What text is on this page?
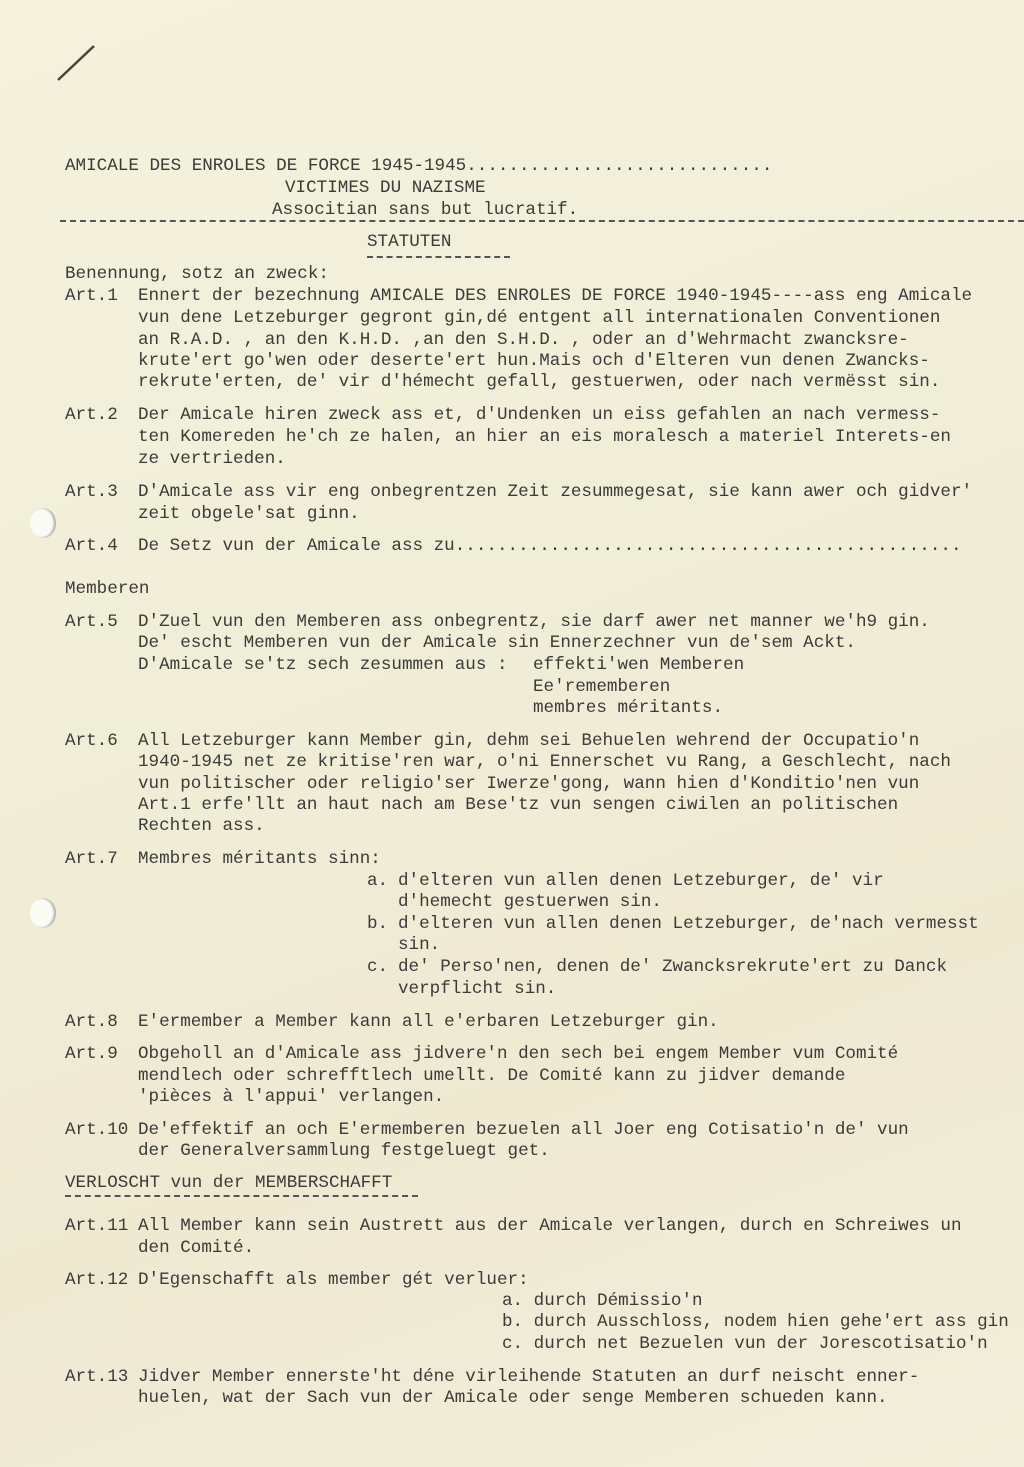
AMICALE DES ENROLES DE FORCE 1945-1945.............................
VICTIMES DU NAZISME
Associtian sans but lucratif.
STATUTEN
Benennung, sotz an zweck:
Art.1 Ennert der bezechnung AMICALE DES ENROLES DE FORCE 1940-1945----ass eng Amicale
vun dene Letzeburger gegront gin,dé entgent all internationalen Conventionen
an R.A.D. , an den K.H.D. ,an den S.H.D. , oder an d'Wehrmacht zwancksre-
krute'ert go'wen oder deserte'ert hun.Mais och d'Elteren vun denen Zwancks-
rekrute'erten, de' vir d'hémecht gefall, gestuerwen, oder nach vermësst sin.
Art.2 Der Amicale hiren zweck ass et, d'Undenken un eiss gefahlen an nach vermess-
ten Komereden he'ch ze halen, an hier an eis moralesch a materiel Interets-en
ze vertrieden.
Art.3 D'Amicale ass vir eng onbegrentzen Zeit zesummegesat, sie kann awer och gidver'
zeit obgele'sat ginn.
Art.4 De Setz vun der Amicale ass zu................................................
Memberen
Art.5 D'Zuel vun den Memberen ass onbegrentz, sie darf awer net manner we'h9 gin.
De' escht Memberen vun der Amicale sin Ennerzechner vun de'sem Ackt.
D'Amicale se'tz sech zesummen aus : effekti'wen Memberen
Ee'rememberen
membres méritants.
Art.6 All Letzeburger kann Member gin, dehm sei Behuelen wehrend der Occupatio'n
1940-1945 net ze kritise'ren war, o'ni Ennerschet vu Rang, a Geschlecht, nach
vun politischer oder religio'ser Iwerze'gong, wann hien d'Konditio'nen vun
Art.1 erfe'llt an haut nach am Bese'tz vun sengen ciwilen an politischen
Rechten ass.
Art.7 Membres méritants sinn:
a. d'elteren vun allen denen Letzeburger, de' vir
d'hemecht gestuerwen sin.
b. d'elteren vun allen denen Letzeburger, de'nach vermesst
sin.
c. de' Perso'nen, denen de' Zwancksrekrute'ert zu Danck
verpflicht sin.
Art.8 E'ermember a Member kann all e'erbaren Letzeburger gin.
Art.9 Obgeholl an d'Amicale ass jidvere'n den sech bei engem Member vum Comité
mendlech oder schrefftlech umellt. De Comité kann zu jidver demande
'pièces à l'appui' verlangen.
Art.10 De'effektif an och E'ermemberen bezuelen all Joer eng Cotisatio'n de' vun
der Generalversammlung festgeluegt get.
VERLOSCHT vun der MEMBERSCHAFFT
Art.11 All Member kann sein Austrett aus der Amicale verlangen, durch en Schreiwes un
den Comité.
Art.12 D'Egenschafft als member gét verluer:
a. durch Démissio'n
b. durch Ausschloss, nodem hien gehe'ert ass gin
c. durch net Bezuelen vun der Jorescotisatio'n
Art.13 Jidver Member ennerste'ht déne virleihende Statuten an durf neischt enner-
huelen, wat der Sach vun der Amicale oder senge Memberen schueden kann.
